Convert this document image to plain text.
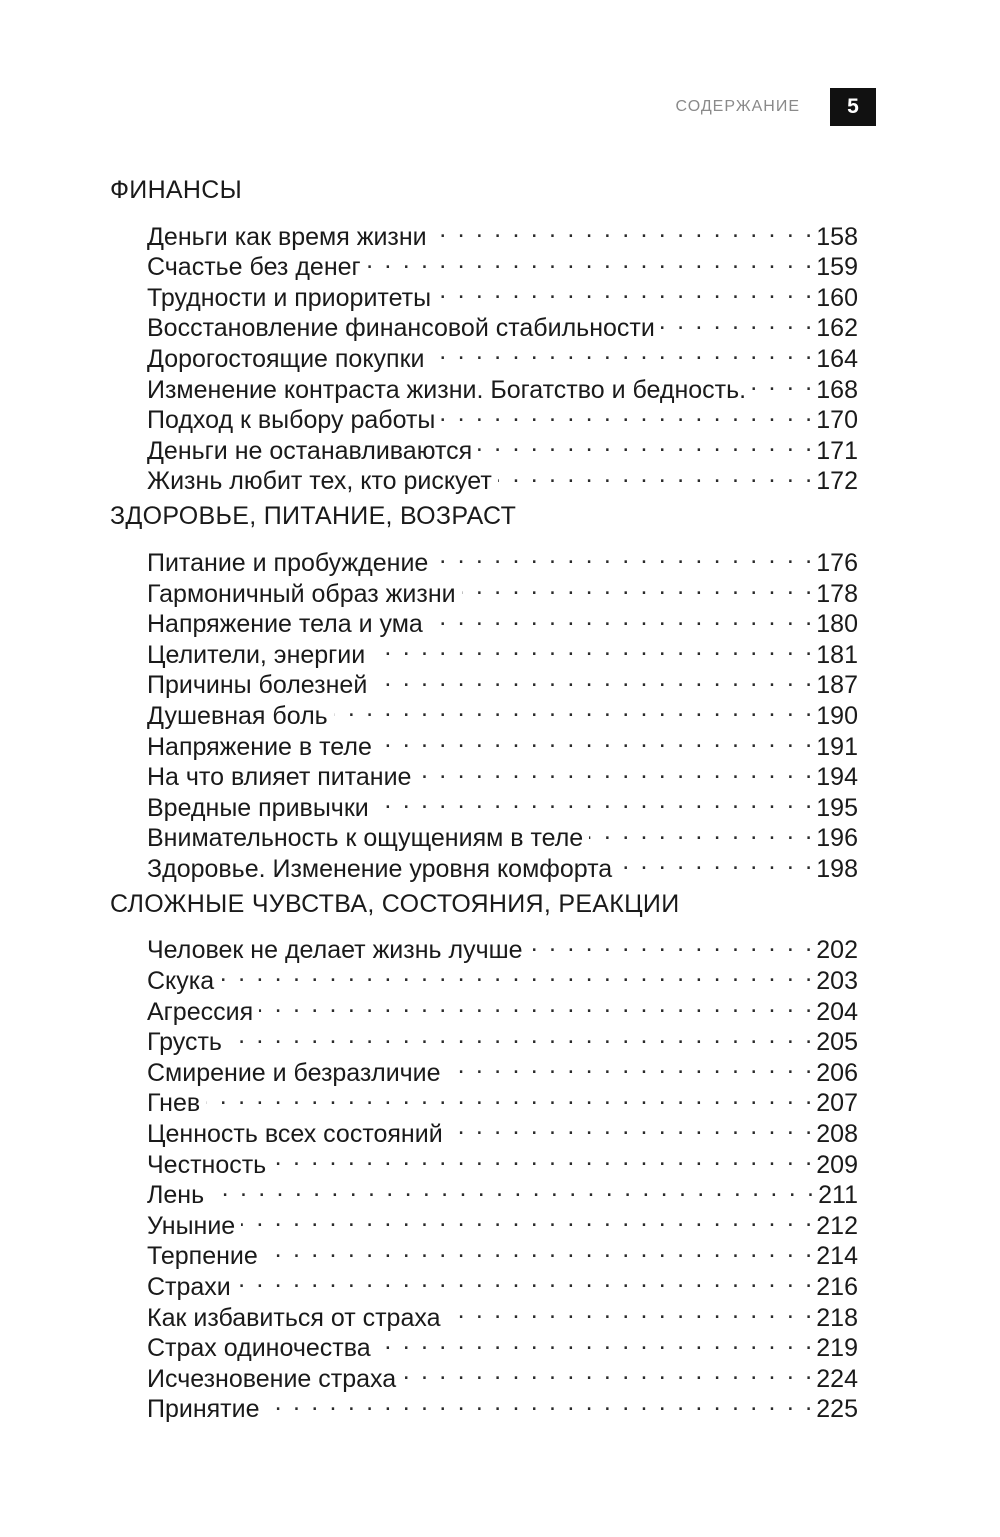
СОДЕРЖАНИЕ	5
ФИНАНСЫ
Деньги как время жизни . . .	158
Счастье без денег . . .	159
Трудности и приоритеты . . .	160
Восстановление финансовой стабильности . . .	162
Дорогостоящие покупки . . .	164
Изменение контраста жизни. Богатство и бедность. . . .	168
Подход к выбору работы . . .	170
Деньги не останавливаются . . .	171
Жизнь любит тех, кто рискует . . .	172
ЗДОРОВЬЕ, ПИТАНИЕ, ВОЗРАСТ
Питание и пробуждение . . .	176
Гармоничный образ жизни . . .	178
Напряжение тела и ума . . .	180
Целители, энергии . . .	181
Причины болезней . . .	187
Душевная боль . . .	190
Напряжение в теле . . .	191
На что влияет питание . . .	194
Вредные привычки . . .	195
Внимательность к ощущениям в теле . . .	196
Здоровье. Изменение уровня комфорта . . .	198
СЛОЖНЫЕ ЧУВСТВА, СОСТОЯНИЯ, РЕАКЦИИ
Человек не делает жизнь лучше . . .	202
Скука . . .	203
Агрессия . . .	204
Грусть . . .	205
Смирение и безразличие . . .	206
Гнев . . .	207
Ценность всех состояний . . .	208
Честность . . .	209
Лень . . .	211
Уныние . . .	212
Терпение . . .	214
Страхи . . .	216
Как избавиться от страха . . .	218
Страх одиночества . . .	219
Исчезновение страха . . .	224
Принятие . . .	225
